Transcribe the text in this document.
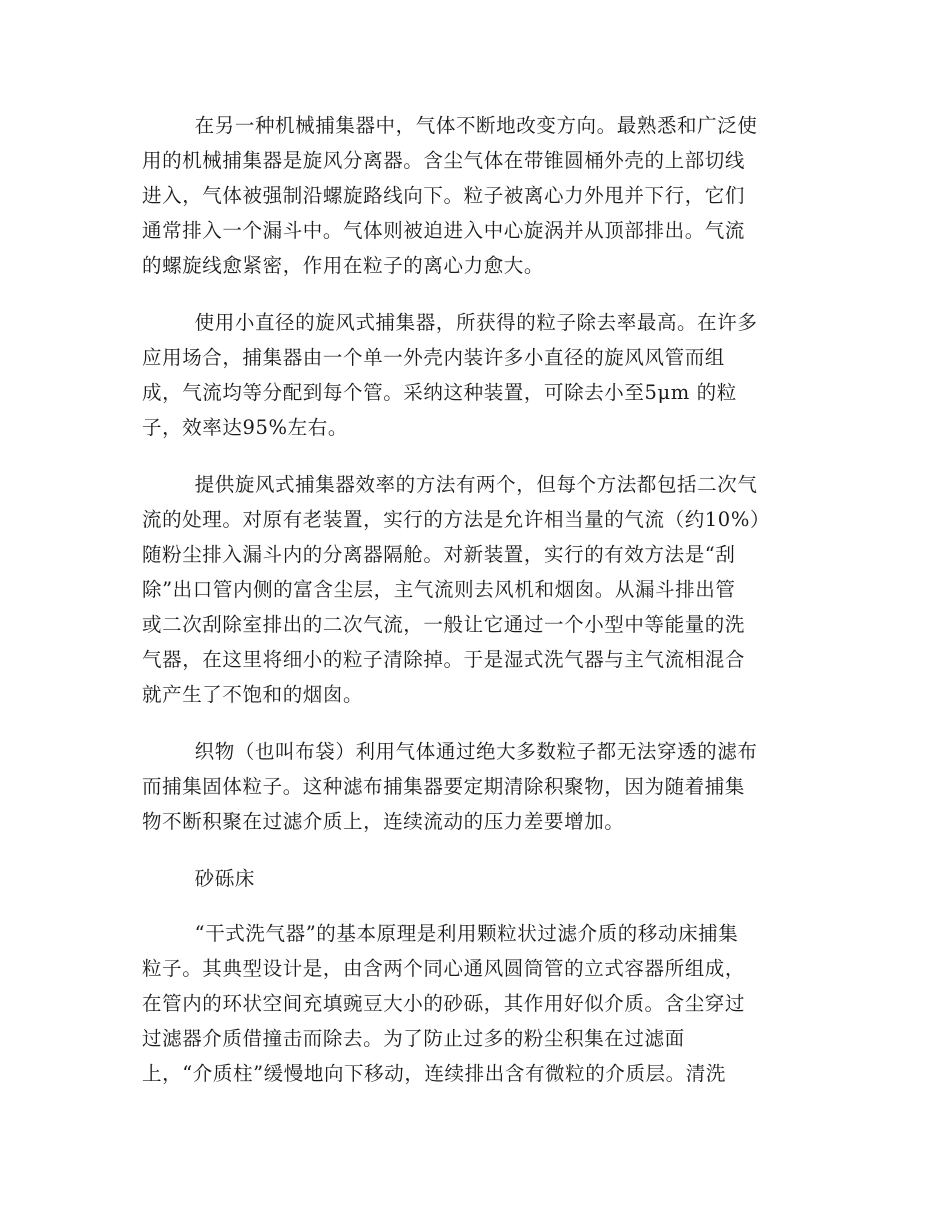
在另一种机械捕集器中，气体不断地改变方向。最熟悉和广泛使
用的机械捕集器是旋风分离器。含尘气体在带锥圆桶外壳的上部切线
进入，气体被强制沿螺旋路线向下。粒子被离心力外甩并下行，它们
通常排入一个漏斗中。气体则被迫进入中心旋涡并从顶部排出。气流
的螺旋线愈紧密，作用在粒子的离心力愈大。

使用小直径的旋风式捕集器，所获得的粒子除去率最高。在许多
应用场合，捕集器由一个单一外壳内装许多小直径的旋风风管而组
成，气流均等分配到每个管。采纳这种装置，可除去小至5μm 的粒
子，效率达95%左右。

提供旋风式捕集器效率的方法有两个，但每个方法都包括二次气
流的处理。对原有老装置，实行的方法是允许相当量的气流（约10%）
随粉尘排入漏斗内的分离器隔舱。对新装置，实行的有效方法是“刮
除”出口管内侧的富含尘层，主气流则去风机和烟囱。从漏斗排出管
或二次刮除室排出的二次气流，一般让它通过一个小型中等能量的洗
气器，在这里将细小的粒子清除掉。于是湿式洗气器与主气流相混合
就产生了不饱和的烟囱。

织物（也叫布袋）利用气体通过绝大多数粒子都无法穿透的滤布
而捕集固体粒子。这种滤布捕集器要定期清除积聚物，因为随着捕集
物不断积聚在过滤介质上，连续流动的压力差要增加。

砂砾床

“干式洗气器”的基本原理是利用颗粒状过滤介质的移动床捕集
粒子。其典型设计是，由含两个同心通风圆筒管的立式容器所组成，
在管内的环状空间充填豌豆大小的砂砾，其作用好似介质。含尘穿过
过滤器介质借撞击而除去。为了防止过多的粉尘积集在过滤面
上，“介质柱”缓慢地向下移动，连续排出含有微粒的介质层。清洗
